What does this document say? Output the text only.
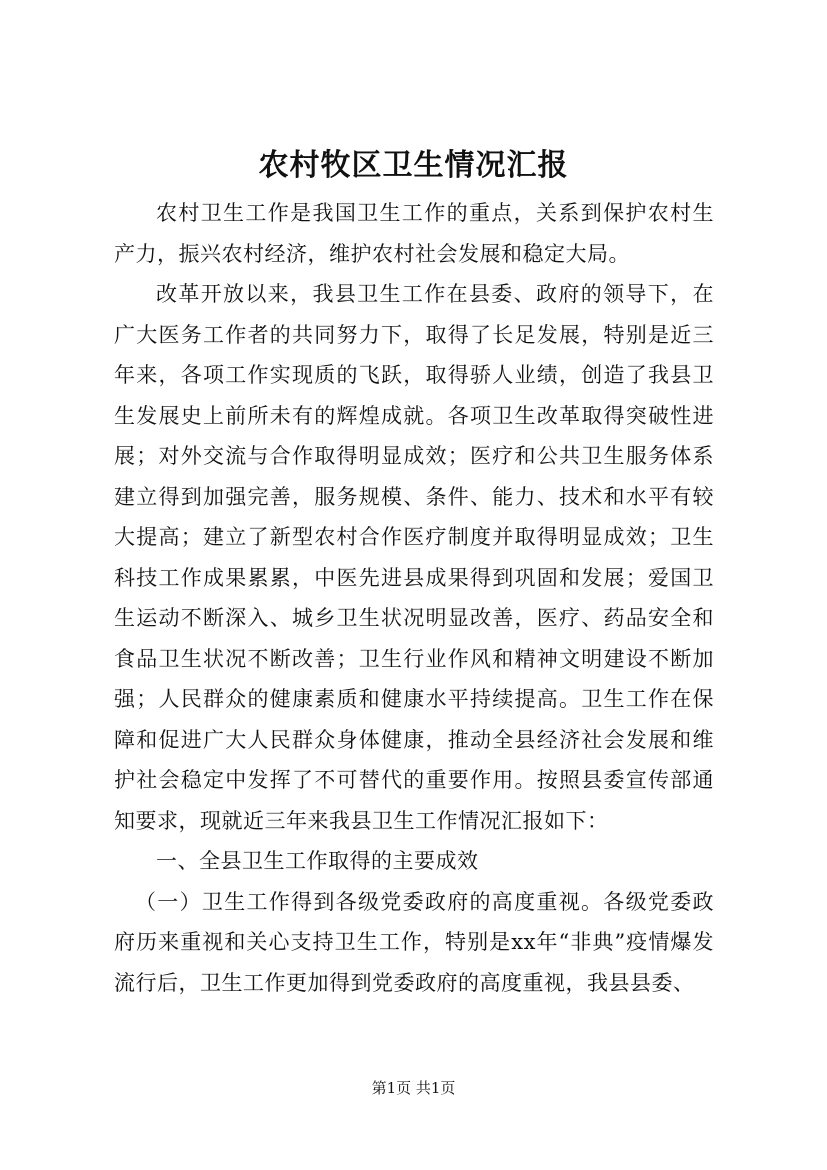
农村牧区卫生情况汇报

农村卫生工作是我国卫生工作的重点，关系到保护农村生产力，振兴农村经济，维护农村社会发展和稳定大局。

改革开放以来，我县卫生工作在县委、政府的领导下，在广大医务工作者的共同努力下，取得了长足发展，特别是近三年来，各项工作实现质的飞跃，取得骄人业绩，创造了我县卫生发展史上前所未有的辉煌成就。各项卫生改革取得突破性进展；对外交流与合作取得明显成效；医疗和公共卫生服务体系建立得到加强完善，服务规模、条件、能力、技术和水平有较大提高；建立了新型农村合作医疗制度并取得明显成效；卫生科技工作成果累累，中医先进县成果得到巩固和发展；爱国卫生运动不断深入、城乡卫生状况明显改善，医疗、药品安全和食品卫生状况不断改善；卫生行业作风和精神文明建设不断加强；人民群众的健康素质和健康水平持续提高。卫生工作在保障和促进广大人民群众身体健康，推动全县经济社会发展和维护社会稳定中发挥了不可替代的重要作用。按照县委宣传部通知要求，现就近三年来我县卫生工作情况汇报如下：

一、全县卫生工作取得的主要成效

（一）卫生工作得到各级党委政府的高度重视。各级党委政府历来重视和关心支持卫生工作，特别是xx年“非典”疫情爆发流行后，卫生工作更加得到党委政府的高度重视，我县县委、

第1页 共1页
